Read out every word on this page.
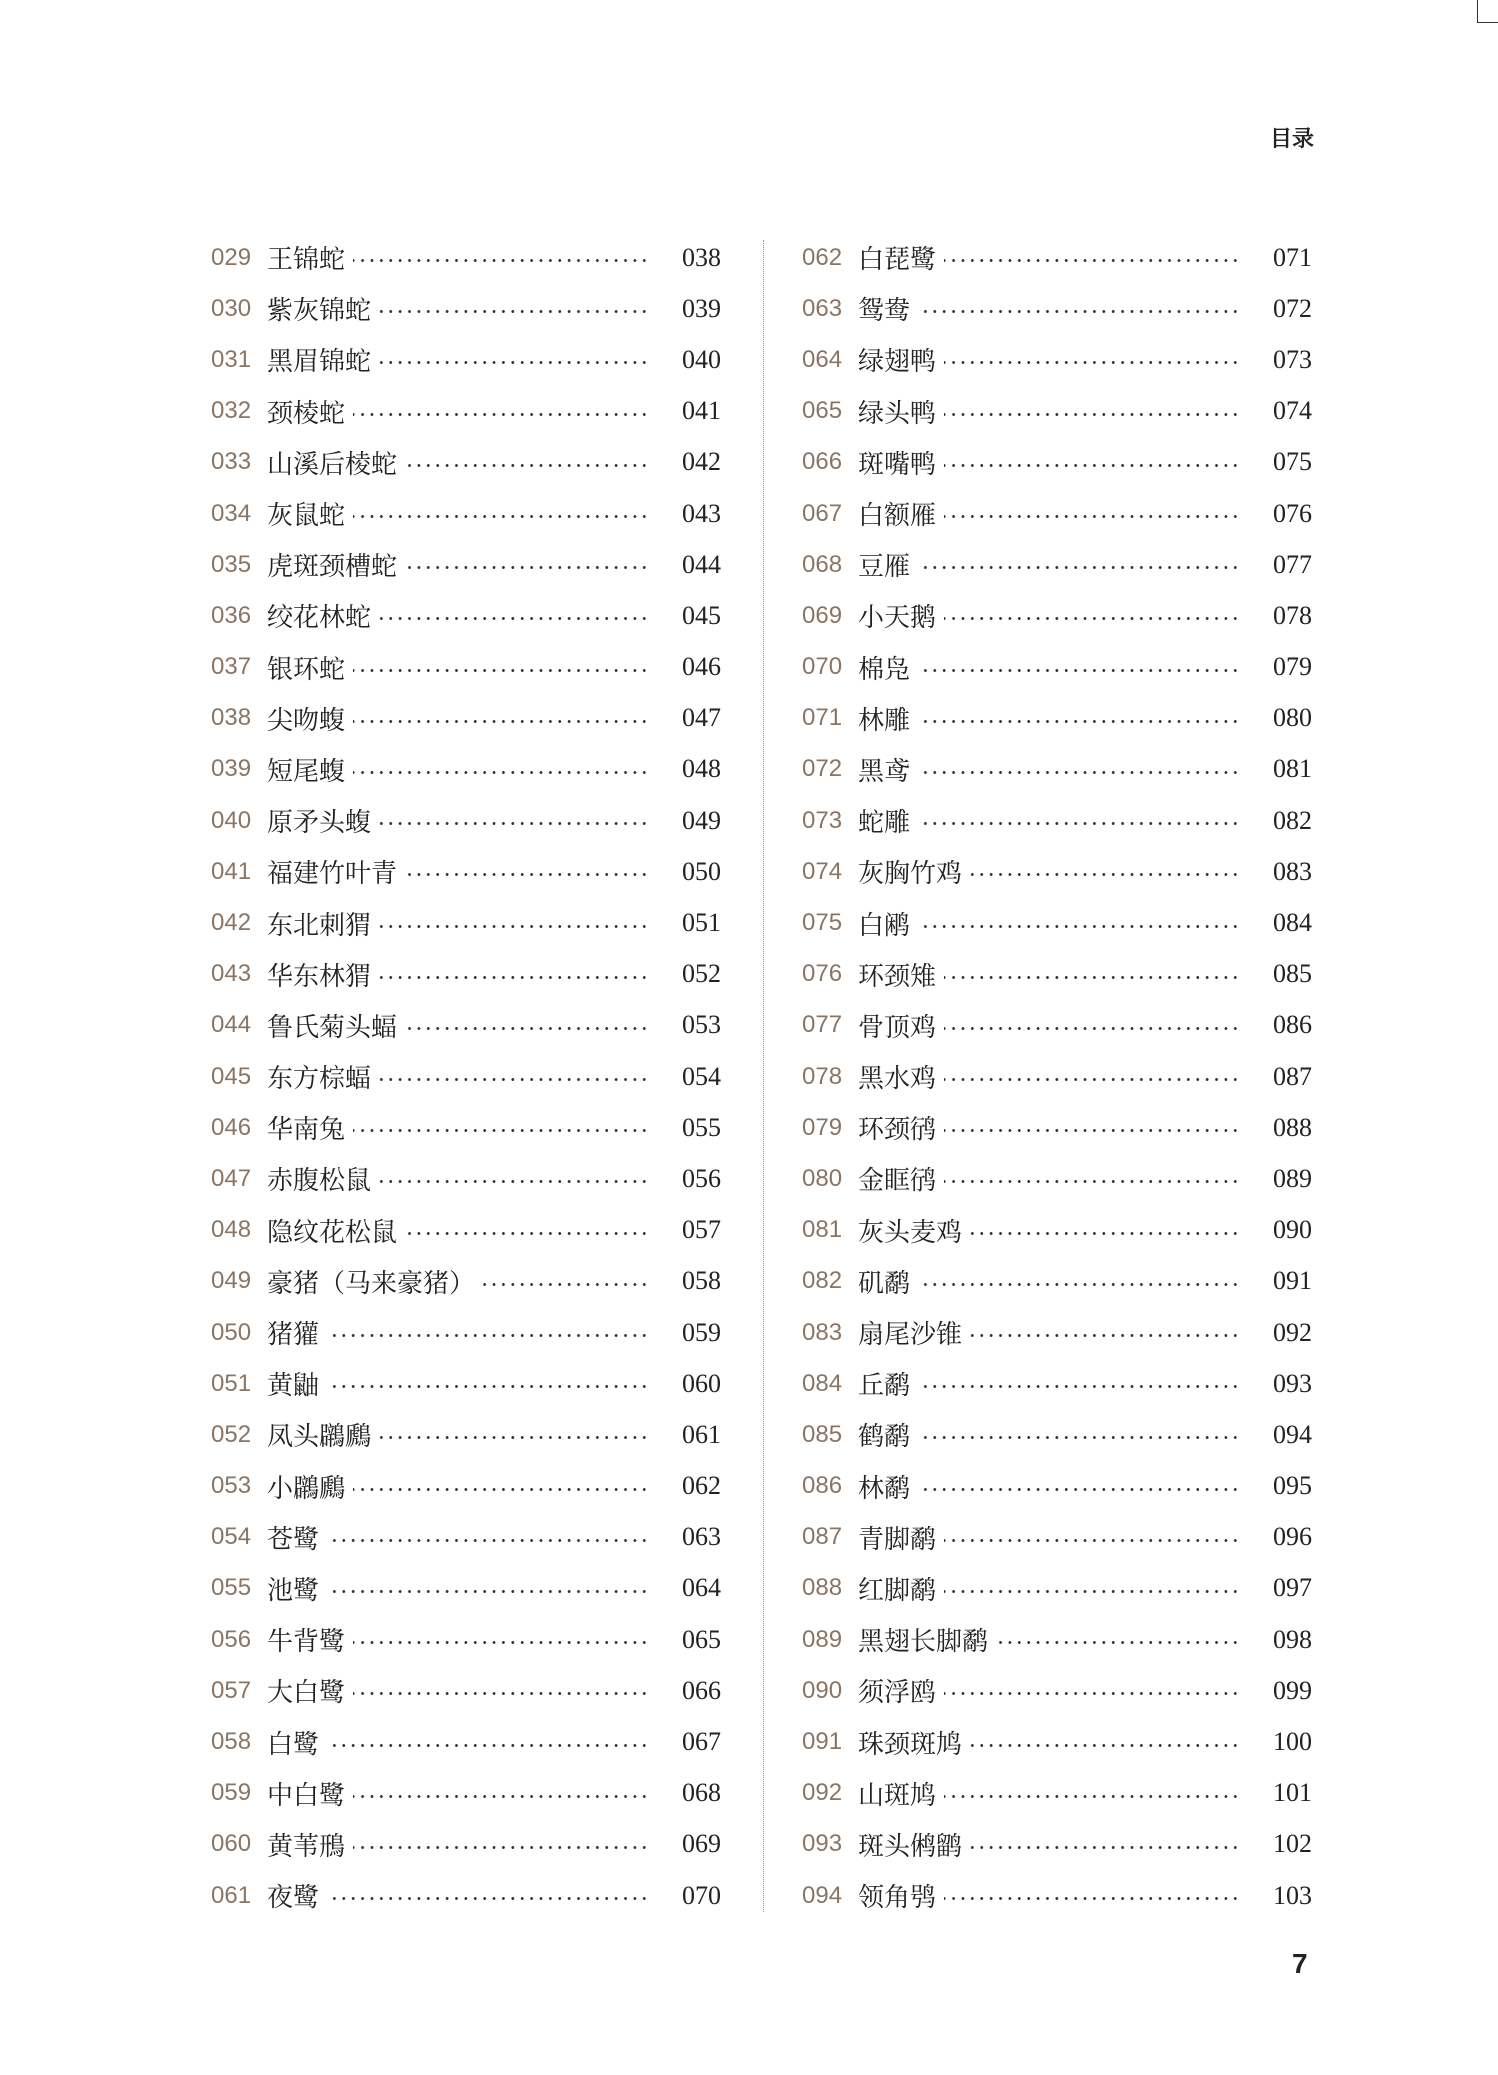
目录
029 王锦蛇	038
030 紫灰锦蛇	039
031 黑眉锦蛇	040
032 颈棱蛇	041
033 山溪后棱蛇	042
034 灰鼠蛇	043
035 虎斑颈槽蛇	044
036 绞花林蛇	045
037 银环蛇	046
038 尖吻蝮	047
039 短尾蝮	048
040 原矛头蝮	049
041 福建竹叶青	050
042 东北刺猬	051
043 华东林猬	052
044 鲁氏菊头蝠	053
045 东方棕蝠	054
046 华南兔	055
047 赤腹松鼠	056
048 隐纹花松鼠	057
049 豪猪（马来豪猪）	058
050 猪獾	059
051 黄鼬	060
052 凤头鸊鷉	061
053 小鸊鷉	062
054 苍鹭	063
055 池鹭	064
056 牛背鹭	065
057 大白鹭	066
058 白鹭	067
059 中白鹭	068
060 黄苇鳽	069
061 夜鹭	070
062 白琵鹭	071
063 鸳鸯	072
064 绿翅鸭	073
065 绿头鸭	074
066 斑嘴鸭	075
067 白额雁	076
068 豆雁	077
069 小天鹅	078
070 棉凫	079
071 林雕	080
072 黑鸢	081
073 蛇雕	082
074 灰胸竹鸡	083
075 白鹇	084
076 环颈雉	085
077 骨顶鸡	086
078 黑水鸡	087
079 环颈鸻	088
080 金眶鸻	089
081 灰头麦鸡	090
082 矶鹬	091
083 扇尾沙锥	092
084 丘鹬	093
085 鹤鹬	094
086 林鹬	095
087 青脚鹬	096
088 红脚鹬	097
089 黑翅长脚鹬	098
090 须浮鸥	099
091 珠颈斑鸠	100
092 山斑鸠	101
093 斑头鸺鹠	102
094 领角鸮	103
7
